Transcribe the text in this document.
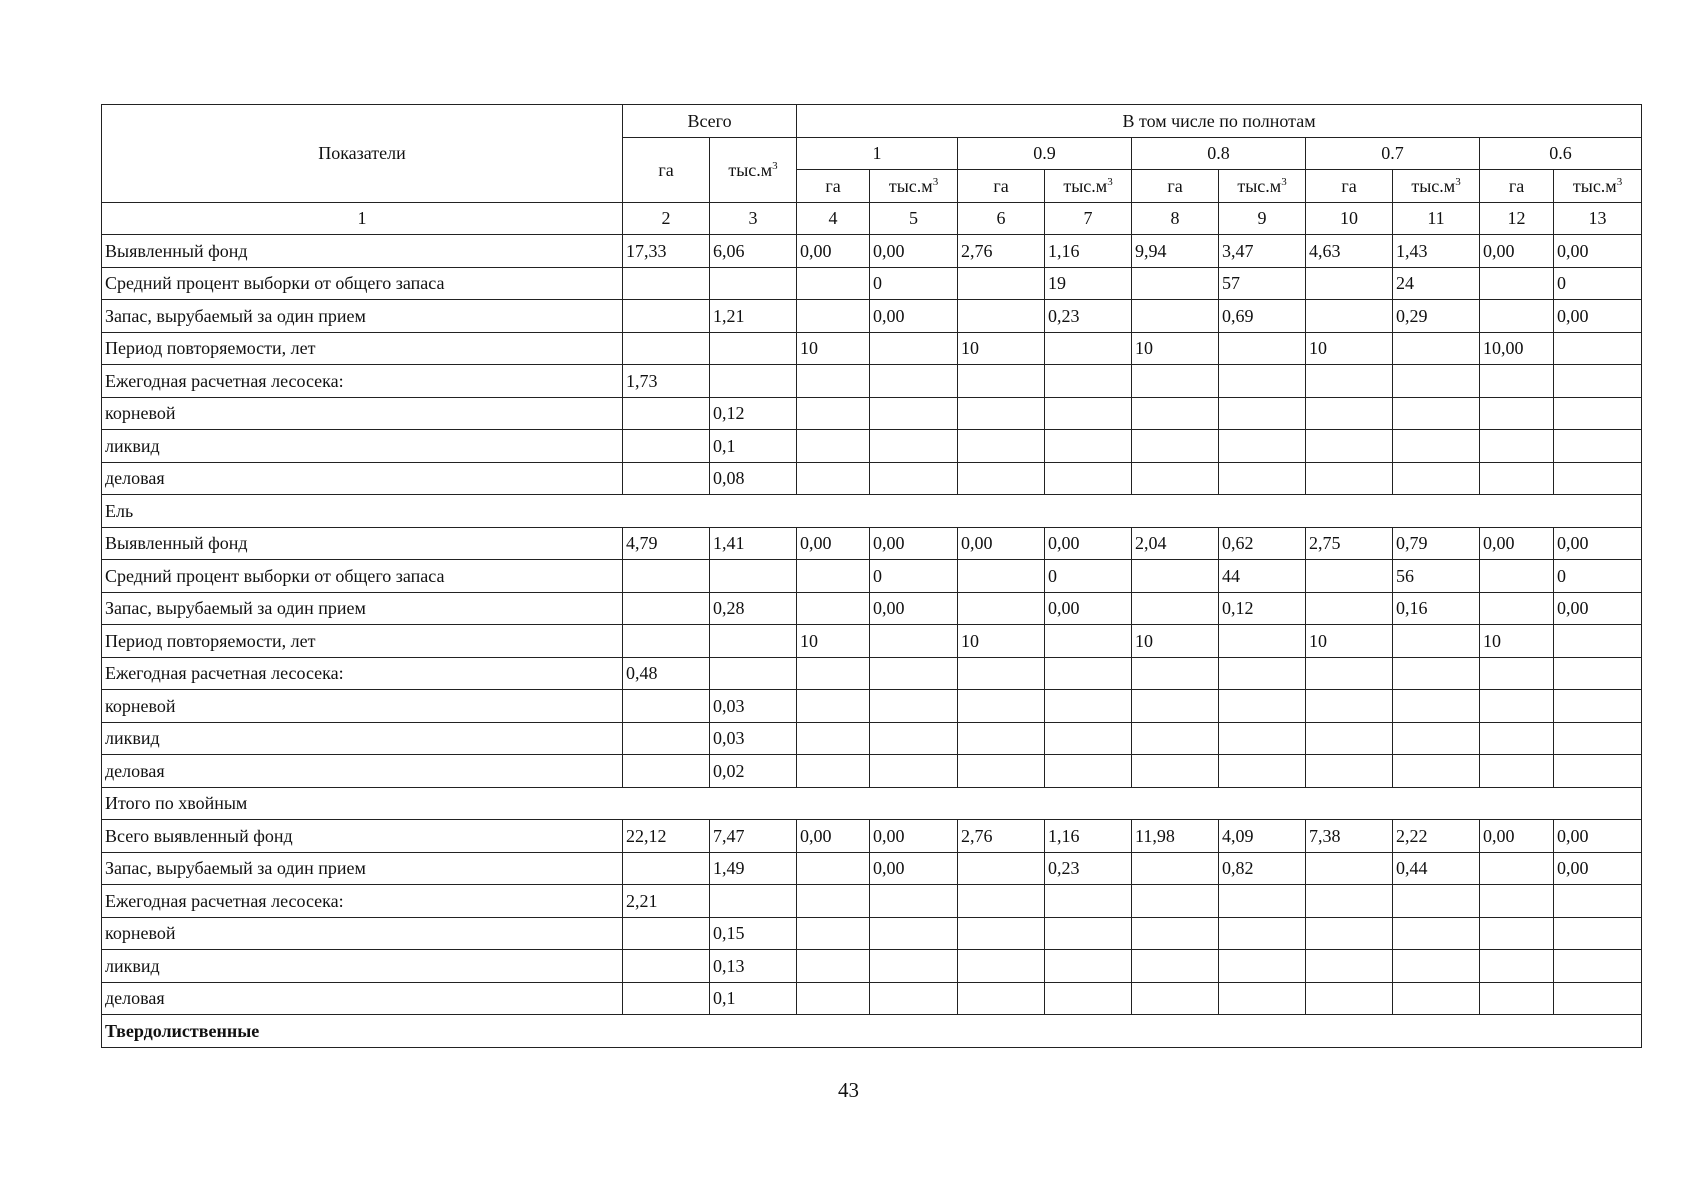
Показатели	Всего		В том числе по полнотам									
	га	$тыс.м^3$	1		0.9		0.8		0.7		0.6	
			га	$тыс.м^3$	га	$тыс.м^3$	га	$тыс.м^3$	га	$тыс.м^3$	га	$тыс.м^3$
1	2	3	4	5	6	7	8	9	10	11	12	13
Выявленный фонд	17,33	6,06	0,00	0,00	2,76	1,16	9,94	3,47	4,63	1,43	0,00	0,00
Средний процент выборки от общего запаса				0		19		57		24		0
Запас, вырубаемый за один прием		1,21		0,00		0,23		0,69		0,29		0,00
Период повторяемости, лет			10		10		10		10		10,00	
Ежегодная расчетная лесосека:	1,73											
корневой		0,12										
ликвид		0,1										
деловая		0,08										
Ель												
Выявленный фонд	4,79	1,41	0,00	0,00	0,00	0,00	2,04	0,62	2,75	0,79	0,00	0,00
Средний процент выборки от общего запаса				0		0		44		56		0
Запас, вырубаемый за один прием		0,28		0,00		0,00		0,12		0,16		0,00
Период повторяемости, лет			10		10		10		10		10	
Ежегодная расчетная лесосека:	0,48											
корневой		0,03										
ликвид		0,03										
деловая		0,02										
Итого по хвойным												
Всего выявленный фонд	22,12	7,47	0,00	0,00	2,76	1,16	11,98	4,09	7,38	2,22	0,00	0,00
Запас, вырубаемый за один прием		1,49		0,00		0,23		0,82		0,44		0,00
Ежегодная расчетная лесосека:	2,21											
корневой		0,15										
ликвид		0,13										
деловая		0,1										
Твердолиственные												
43
